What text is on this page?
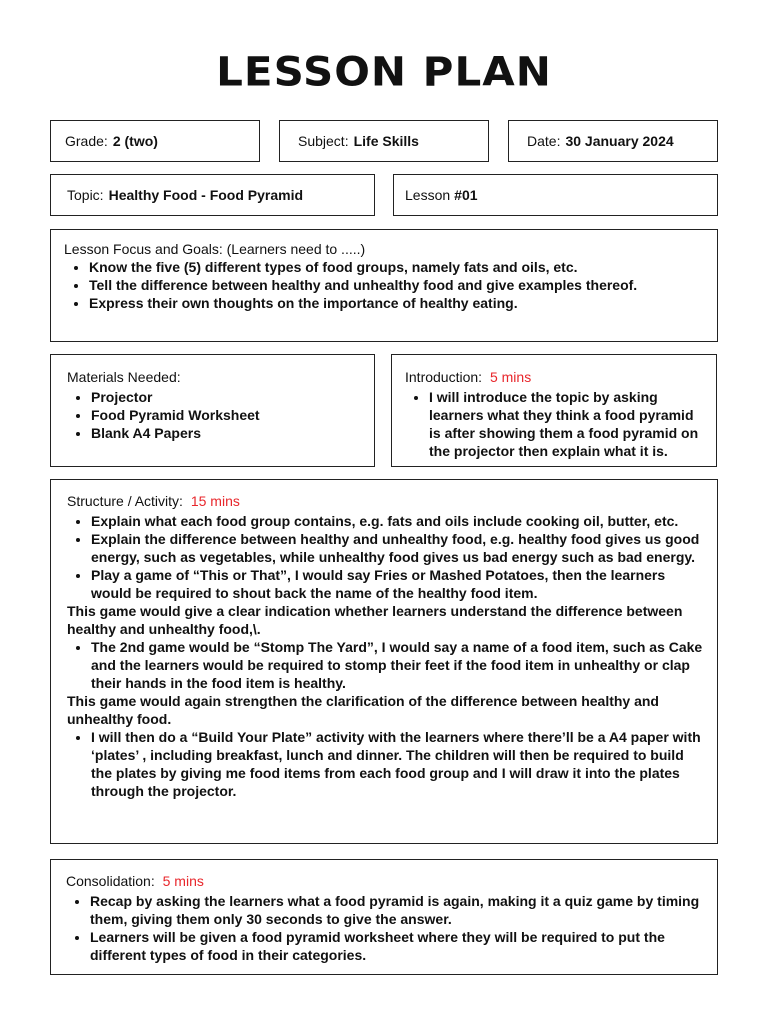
LESSON PLAN
Grade: 2 (two)	Subject: Life Skills	Date: 30 January 2024
Topic: Healthy Food - Food Pyramid	Lesson #01
Lesson Focus and Goals: (Learners need to .....)
• Know the five (5) different types of food groups, namely fats and oils, etc.
• Tell the difference between healthy and unhealthy food and give examples thereof.
• Express their own thoughts on the importance of healthy eating.
Materials Needed:
• Projector
• Food Pyramid Worksheet
• Blank A4 Papers
Introduction: 5 mins
• I will introduce the topic by asking learners what they think a food pyramid is after showing them a food pyramid on the projector then explain what it is.
Structure / Activity: 15 mins
• Explain what each food group contains, e.g. fats and oils include cooking oil, butter, etc.
• Explain the difference between healthy and unhealthy food, e.g. healthy food gives us good energy, such as vegetables, while unhealthy food gives us bad energy such as bad energy.
• Play a game of “This or That”, I would say Fries or Mashed Potatoes, then the learners would be required to shout back the name of the healthy food item.

This game would give a clear indication whether learners understand the difference between healthy and unhealthy food,\.

• The 2nd game would be “Stomp The Yard”, I would say a name of a food item, such as Cake and the learners would be required to stomp their feet if the food item in unhealthy or clap their hands in the food item is healthy.

This game would again strengthen the clarification of the difference between healthy and unhealthy food.

• I will then do a “Build Your Plate” activity with the learners where there’ll be a A4 paper with ‘plates’ , including breakfast, lunch and dinner. The children will then be required to build the plates by giving me food items from each food group and I will draw it into the plates through the projector.
Consolidation: 5 mins
• Recap by asking the learners what a food pyramid is again, making it a quiz game by timing them, giving them only 30 seconds to give the answer.
• Learners will be given a food pyramid worksheet where they will be required to put the different types of food in their categories.
